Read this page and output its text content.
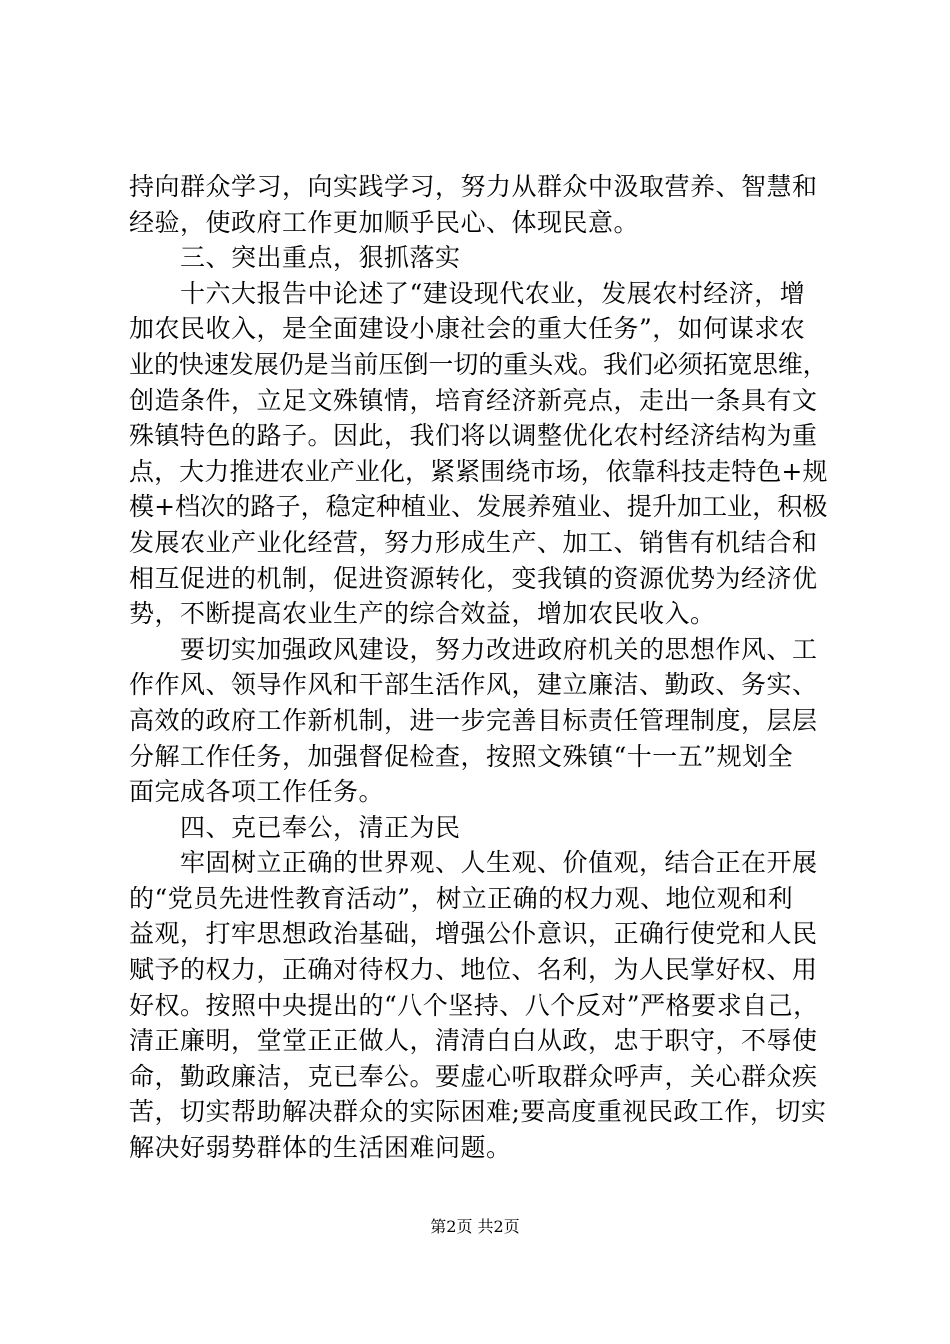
持向群众学习，向实践学习，努力从群众中汲取营养、智慧和
经验，使政府工作更加顺乎民心、体现民意。
　　三、突出重点，狠抓落实
　　十六大报告中论述了“建设现代农业，发展农村经济，增
加农民收入，是全面建设小康社会的重大任务”，如何谋求农
业的快速发展仍是当前压倒一切的重头戏。我们必须拓宽思维，
创造条件，立足文殊镇情，培育经济新亮点，走出一条具有文
殊镇特色的路子。因此，我们将以调整优化农村经济结构为重
点，大力推进农业产业化，紧紧围绕市场，依靠科技走特色+规
模+档次的路子，稳定种植业、发展养殖业、提升加工业，积极
发展农业产业化经营，努力形成生产、加工、销售有机结合和
相互促进的机制，促进资源转化，变我镇的资源优势为经济优
势，不断提高农业生产的综合效益，增加农民收入。
　　要切实加强政风建设，努力改进政府机关的思想作风、工
作作风、领导作风和干部生活作风，建立廉洁、勤政、务实、
高效的政府工作新机制，进一步完善目标责任管理制度，层层
分解工作任务，加强督促检查，按照文殊镇“十一五”规划全
面完成各项工作任务。
　　四、克已奉公，清正为民
　　牢固树立正确的世界观、人生观、价值观，结合正在开展
的“党员先进性教育活动”，树立正确的权力观、地位观和利
益观，打牢思想政治基础，增强公仆意识，正确行使党和人民
赋予的权力，正确对待权力、地位、名利，为人民掌好权、用
好权。按照中央提出的“八个坚持、八个反对”严格要求自己，
清正廉明，堂堂正正做人，清清白白从政，忠于职守，不辱使
命，勤政廉洁，克已奉公。要虚心听取群众呼声，关心群众疾
苦，切实帮助解决群众的实际困难;要高度重视民政工作，切实
解决好弱势群体的生活困难问题。
第2页 共2页
